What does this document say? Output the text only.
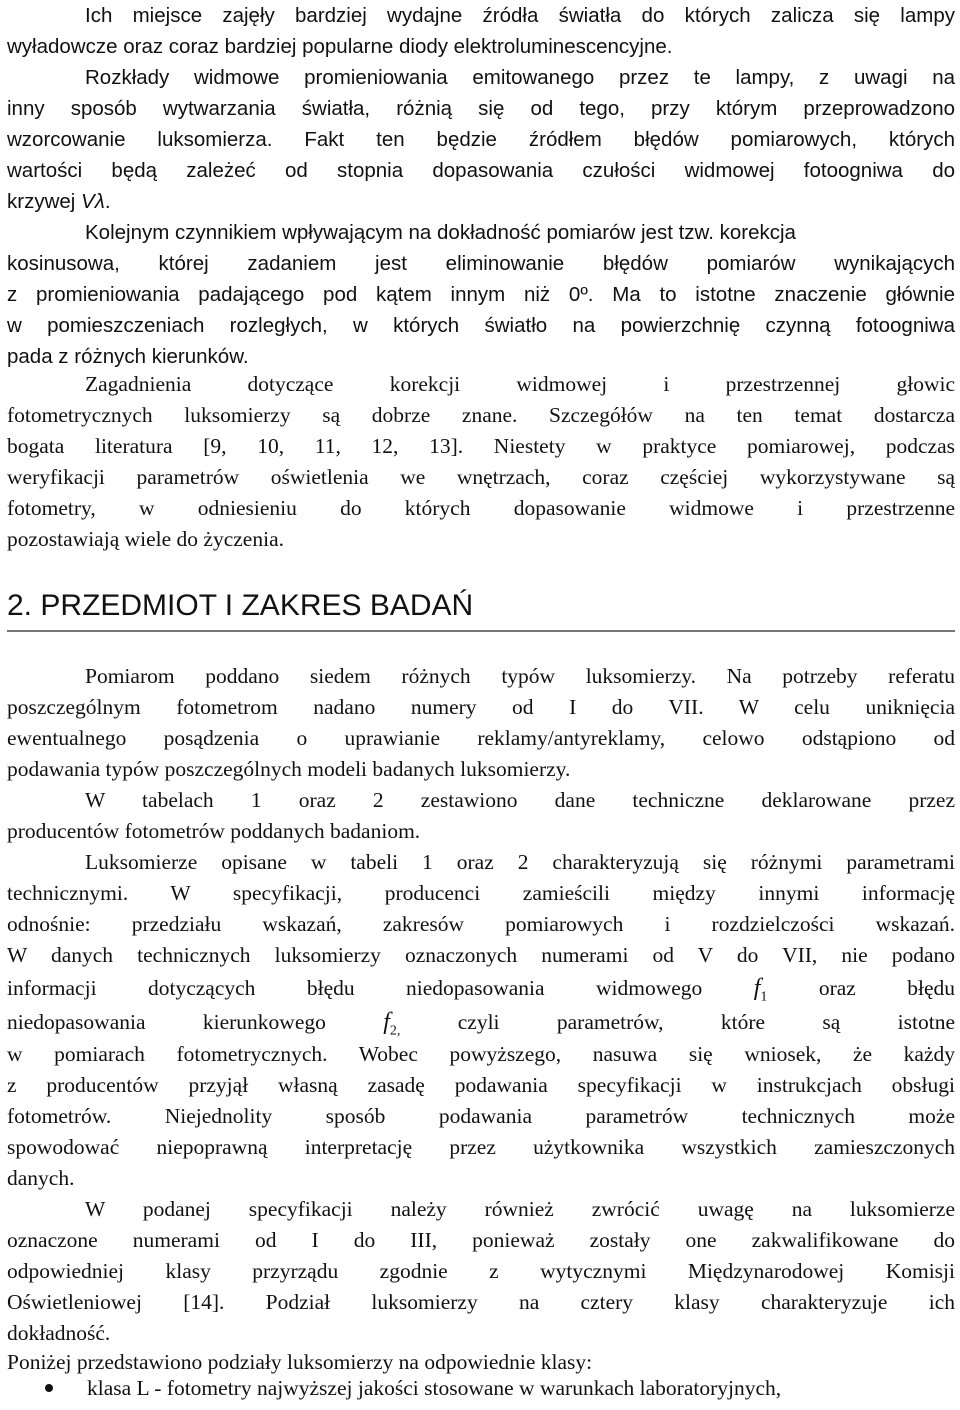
Ich miejsce zajęły bardziej wydajne źródła światła do których zalicza się lampy
wyładowcze oraz coraz bardziej popularne diody elektroluminescencyjne.
Rozkłady widmowe promieniowania emitowanego przez te lampy, z uwagi na
inny sposób wytwarzania światła, różnią się od tego, przy którym przeprowadzono
wzorcowanie luksomierza. Fakt ten będzie źródłem błędów pomiarowych, których
wartości będą zależeć od stopnia dopasowania czułości widmowej fotoogniwa do
krzywej Vλ.
Kolejnym czynnikiem wpływającym na dokładność pomiarów jest tzw. korekcja
kosinusowa, której zadaniem jest eliminowanie błędów pomiarów wynikających
z promieniowania padającego pod kątem innym niż 0º. Ma to istotne znaczenie głównie
w pomieszczeniach rozległych, w których światło na powierzchnię czynną fotoogniwa
pada z różnych kierunków.
Zagadnienia dotyczące korekcji widmowej i przestrzennej głowic
fotometrycznych luksomierzy są dobrze znane. Szczegółów na ten temat dostarcza
bogata literatura [9, 10, 11, 12, 13]. Niestety w praktyce pomiarowej, podczas
weryfikacji parametrów oświetlenia we wnętrzach, coraz częściej wykorzystywane są
fotometry, w odniesieniu do których dopasowanie widmowe i przestrzenne
pozostawiają wiele do życzenia.
2. PRZEDMIOT I ZAKRES BADAŃ
Pomiarom poddano siedem różnych typów luksomierzy. Na potrzeby referatu
poszczególnym fotometrom nadano numery od I do VII. W celu uniknięcia
ewentualnego posądzenia o uprawianie reklamy/antyreklamy, celowo odstąpiono od
podawania typów poszczególnych modeli badanych luksomierzy.
W tabelach 1 oraz 2 zestawiono dane techniczne deklarowane przez
producentów fotometrów poddanych badaniom.
Luksomierze opisane w tabeli 1 oraz 2 charakteryzują się różnymi parametrami
technicznymi. W specyfikacji, producenci zamieścili między innymi informację
odnośnie: przedziału wskazań, zakresów pomiarowych i rozdzielczości wskazań.
W danych technicznych luksomierzy oznaczonych numerami od V do VII, nie podano
informacji dotyczących błędu niedopasowania widmowego $f_1$ oraz błędu
niedopasowania kierunkowego $f_{2,}$	czyli parametrów, które są istotne
w pomiarach fotometrycznych. Wobec powyższego, nasuwa się wniosek, że każdy
z producentów przyjął własną zasadę podawania specyfikacji w instrukcjach obsługi
fotometrów. Niejednolity sposób podawania parametrów technicznych może
spowodować niepoprawną interpretację przez użytkownika wszystkich zamieszczonych
danych.
W podanej specyfikacji należy również zwrócić uwagę na luksomierze
oznaczone numerami od I do III, ponieważ zostały one zakwalifikowane do
odpowiedniej klasy przyrządu zgodnie z wytycznymi Międzynarodowej Komisji
Oświetleniowej [14]. Podział luksomierzy na cztery klasy charakteryzuje ich
dokładność.
Poniżej przedstawiono podziały luksomierzy na odpowiednie klasy:
klasa L - fotometry najwyższej jakości stosowane w warunkach laboratoryjnych,
